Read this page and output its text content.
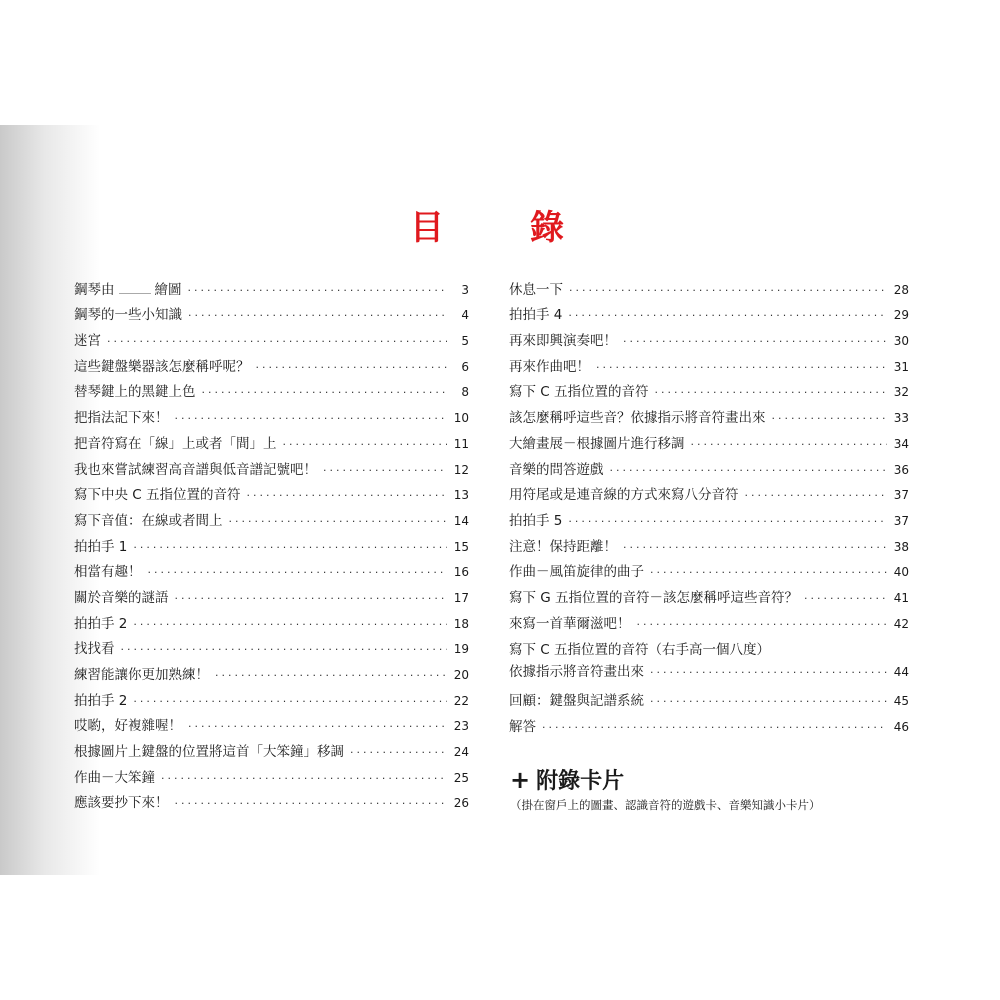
目　錄
鋼琴由	繪圖 .....	3
鋼琴的一些小知識 .....	4
迷宮 .....	5
這些鍵盤樂器該怎麼稱呼呢？ .....	6
替琴鍵上的黑鍵上色 .....	8
把指法記下來！ .....	10
把音符寫在「線」上或者「間」上 .....	11
我也來嘗試練習高音譜與低音譜記號吧！ .....	12
寫下中央 C 五指位置的音符 .....	13
寫下音值：在線或者間上 .....	14
拍拍手 1 .....	15
相當有趣！ .....	16
關於音樂的謎語 .....	17
拍拍手 2 .....	18
找找看 .....	19
練習能讓你更加熟練！ .....	20
拍拍手 2 .....	22
哎喲，好複雜喔！ .....	23
根據圖片上鍵盤的位置將這首「大笨鐘」移調 .....	24
作曲－大笨鐘 .....	25
應該要抄下來！ .....	26
休息一下 .....	28
拍拍手 4 .....	29
再來即興演奏吧！ .....	30
再來作曲吧！ .....	31
寫下 C 五指位置的音符 .....	32
該怎麼稱呼這些音？依據指示將音符畫出來 .....	33
大繪畫展－根據圖片進行移調 .....	34
音樂的問答遊戲 .....	36
用符尾或是連音線的方式來寫八分音符 .....	37
拍拍手 5 .....	37
注意！保持距離！ .....	38
作曲－風笛旋律的曲子 .....	40
寫下 G 五指位置的音符－該怎麼稱呼這些音符？ .....	41
來寫一首華爾滋吧！ .....	42
寫下 C 五指位置的音符（右手高一個八度）
依據指示將音符畫出來 .....	44
回顧：鍵盤與記譜系統 .....	45
解答 .....	46
+ 附錄卡片
（掛在窗戶上的圖畫、認識音符的遊戲卡、音樂知識小卡片）
